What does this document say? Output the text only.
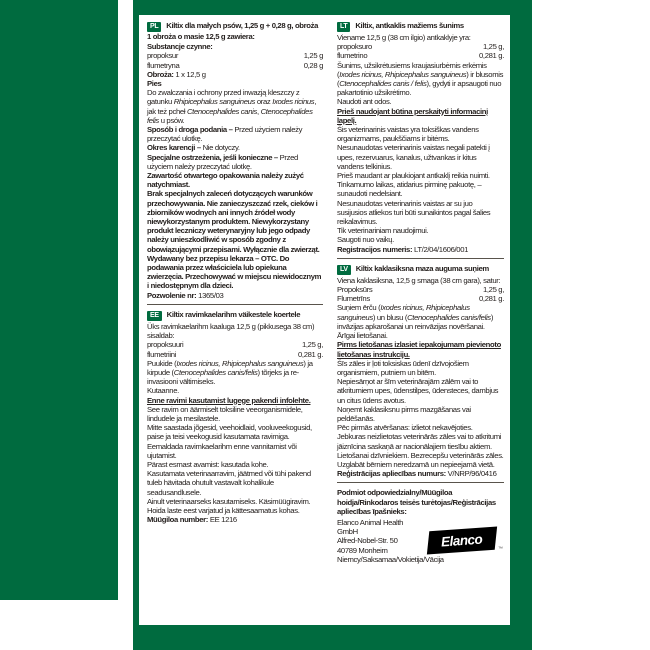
PL Kiltix dla małych psów, 1,25 g + 0,28 g, obroża 1 obroża o masie 12,5 g zawiera:

Substancje czynne:

propoksur	1,25 g

flumetryna	0,28 g

Obroża: 1 x 12,5 g

Pies

Do zwalczania i ochrony przed inwazją kleszczy z gatunku Rhipicephalus sanguineus oraz Ixodes ricinus, jak też pcheł Ctenocephalides canis, Ctenocephalides felis u psów.

Sposób i droga podania – Przed użyciem należy przeczytać ulotkę.

Okres karencji – Nie dotyczy.

Specjalne ostrzeżenia, jeśli konieczne – Przed użyciem należy przeczytać ulotkę.

Zawartość otwartego opakowania należy zużyć natychmiast.

Brak specjalnych zaleceń dotyczących warunków przechowywania. Nie zanieczyszczać rzek, cieków i zbiorników wodnych ani innych źródeł wody niewykorzystanym produktem. Niewykorzystany produkt leczniczy weterynaryjny lub jego odpady należy unieszkodliwić w sposób zgodny z obowiązującymi przepisami. Wyłącznie dla zwierząt. Wydawany bez przepisu lekarza – OTC. Do podawania przez właściciela lub opiekuna zwierzęcia. Przechowywać w miejscu niewidocznym i niedostępnym dla dzieci.

Pozwolenie nr: 1365/03

EE Kiltix ravimkaelarihm väikestele koertele

Üks ravimkaelarihm kaaluga 12,5 g (pikkusega 38 cm) sisaldab:

propoksuuri	1,25 g,

flumetriini	0,281 g.

Puukide (Ixodes ricinus, Rhipicephalus sanguineus) ja kirpude (Ctenocephalides canis/felis) tõrjeks ja re-invasiooni vältimiseks.

Kutaanne.

Enne ravimi kasutamist lugege pakendi infolehte.

See ravim on äärmiselt toksiline veeorganismidele, lindudele ja mesilastele.

Mitte saastada jõgesid, veehoidlaid, vooluveekogusid, paise ja teisi veekogusid kasutamata ravimiga.

Eemaldada ravimkaelarihm enne vannitamist või ujutamist.

Pärast esmast avamist: kasutada kohe.

Kasutamata veterinaarravim, jäätmed või tühi pakend tuleb hävitada ohutult vastavalt kohalikule seadusandlusele.

Ainult veterinaarseks kasutamiseks. Käsimüügiravim.

Hoida laste eest varjatud ja kättesaamatus kohas.

Müügiloa number: EE 1216

LT Kiltix, antkaklis mažiems šunims

Viename 12,5 g (38 cm ilgio) antkaklyje yra:

propoksuro	1,25 g,

flumetrino	0,281 g.

Šunims, užsikrėtusiems kraujasiurbėmis erkėmis (Ixodes ricinus, Rhipicephalus sanguineus) ir blusomis (Ctenocephalides canis / felis), gydyti ir apsaugoti nuo pakartotinio užsikrėtimo.

Naudoti ant odos.

Prieš naudojant būtina perskaityti informacinį lapelį.

Šis veterinarinis vaistas yra toksiškas vandens organizmams, paukščiams ir bitėms.

Nesunaudotas veterinarinis vaistas negali patekti į upes, rezervuarus, kanalus, užtvankas ir kitus vandens telkinius.

Prieš maudant ar plaukiojant antkaklį reikia nuimti.

Tinkamumo laikas, atidarius pirminę pakuotę, – sunaudoti nedelsiant.

Nesunaudotas veterinarinis vaistas ar su juo susijusios atliekos turi būti sunaikintos pagal šalies reikalavimus.

Tik veterinariniam naudojimui.

Saugoti nuo vaikų.

Registracijos numeris: LT/2/04/1606/001

LV Kiltix kaklasiksna maza auguma suņiem

Viena kaklasiksna, 12,5 g smaga (38 cm gara), satur:

Propoksūrs	1,25 g,

Flumetrīns	0,281 g.

Suņiem ērču (Ixodes ricinus, Rhipicephalus sanguineus) un blusu (Ctenocephalides canis/felis) invāzijas apkarošanai un reinvāzijas novēršanai.

Ārīgai lietošanai.

Pirms lietošanas izlasiet iepakojumam pievienoto lietošanas instrukciju.

Šīs zāles ir ļoti toksiskas ūdenī dzīvojošiem organismiem, putniem un bitēm.

Nepiesārņot ar šīm veterinārajām zālēm vai to atkritumiem upes, ūdenstilpes, ūdensteces, dambjus un citus ūdens avotus.

Noņemt kaklasiksnu pirms mazgāšanas vai peldēšanās.

Pēc pirmās atvēršanas: izlietot nekavējoties.

Jebkuras neizlietotas veterinārās zāles vai to atkritumi jāiznīcina saskaņā ar nacionālajiem tiesību aktiem.

Lietošanai dzīvniekiem. Bezrecepšu veterinārās zāles.

Uzglabāt bērniem neredzamā un nepieejamā vietā.

Reģistrācijas apliecības numurs: V/NRP/96/0416

Podmiot odpowiedzialny/Müügiloa hoidja/Rinkodaros teisės turėtojas/Reģistrācijas apliecības īpašnieks:

Elanco Animal Health GmbH

Alfred-Nobel-Str. 50

40789 Monheim

Niemcy/Saksamaa/Vokietija/Vācija

Elanco	™
